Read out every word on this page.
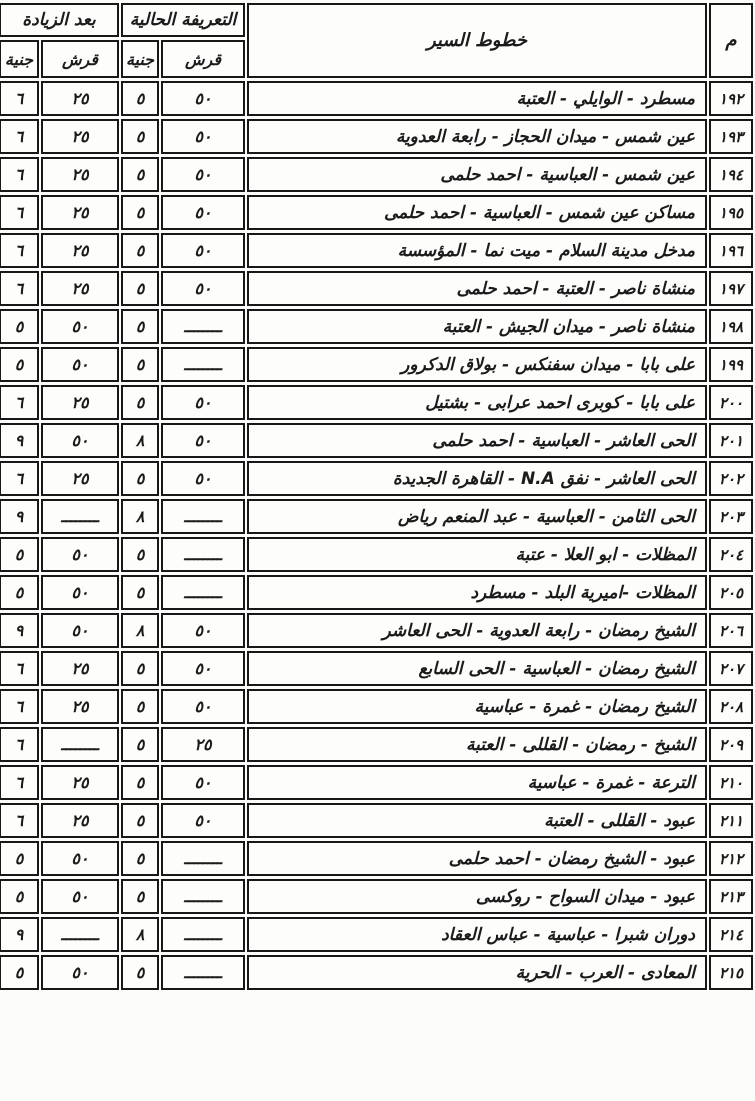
م	خطوط السير	التعريفة الحالية		بعد الزيادة	
		قرش	جنية	قرش	جنية
١٩٢	مسطرد - الوايلي - العتبة	٥٠	٥	٢٥	٦
١٩٣	عين شمس - ميدان الحجاز - رابعة العدوية	٥٠	٥	٢٥	٦
١٩٤	عين شمس - العباسية - احمد حلمى	٥٠	٥	٢٥	٦
١٩٥	مساكن عين شمس - العباسية - احمد حلمى	٥٠	٥	٢٥	٦
١٩٦	مدخل مدينة السلام - ميت نما - المؤسسة	٥٠	٥	٢٥	٦
١٩٧	منشاة ناصر - العتبة - احمد حلمى	٥٠	٥	٢٥	٦
١٩٨	منشاة ناصر - ميدان الجيش - العتبة	ــــــــ	٥	٥٠	٥
١٩٩	على بابا - ميدان سفنكس - بولاق الدكرور	ــــــــ	٥	٥٠	٥
٢٠٠	على بابا - كوبرى احمد عرابى - بشتيل	٥٠	٥	٢٥	٦
٢٠١	الحى العاشر - العباسية - احمد حلمى	٥٠	٨	٥٠	٩
٢٠٢	الحى العاشر - نفق N.A - القاهرة الجديدة	٥٠	٥	٢٥	٦
٢٠٣	الحى الثامن - العباسية - عبد المنعم رياض	ــــــــ	٨	ــــــــ	٩
٢٠٤	المظلات - ابو العلا - عتبة	ــــــــ	٥	٥٠	٥
٢٠٥	المظلات -اميرية البلد - مسطرد	ــــــــ	٥	٥٠	٥
٢٠٦	الشيخ رمضان - رابعة العدوية - الحى العاشر	٥٠	٨	٥٠	٩
٢٠٧	الشيخ رمضان - العباسية - الحى السابع	٥٠	٥	٢٥	٦
٢٠٨	الشيخ رمضان - غمرة - عباسية	٥٠	٥	٢٥	٦
٢٠٩	الشيخ - رمضان - القللى - العتبة	٢٥	٥	ــــــــ	٦
٢١٠	الترعة - غمرة - عباسية	٥٠	٥	٢٥	٦
٢١١	عبود - القللى - العتبة	٥٠	٥	٢٥	٦
٢١٢	عبود - الشيخ رمضان - احمد حلمى	ــــــــ	٥	٥٠	٥
٢١٣	عبود - ميدان السواح - روكسى	ــــــــ	٥	٥٠	٥
٢١٤	دوران شبرا - عباسية - عباس العقاد	ــــــــ	٨	ــــــــ	٩
٢١٥	المعادى - العرب - الحرية	ــــــــ	٥	٥٠	٥
